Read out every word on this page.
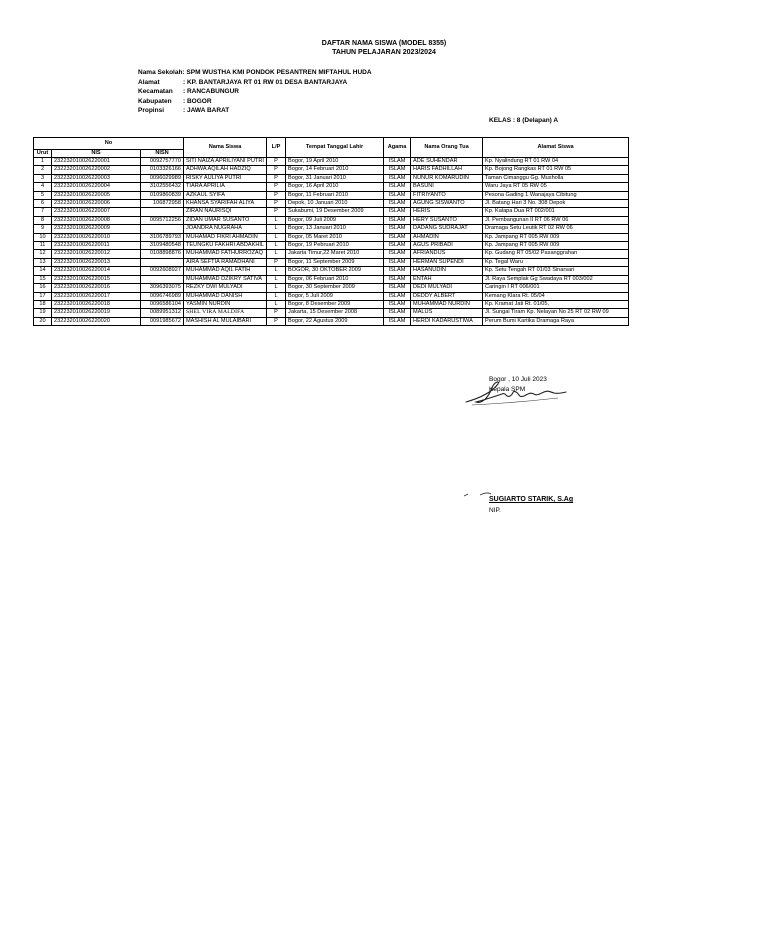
DAFTAR NAMA SISWA (MODEL 8355)
TAHUN PELAJARAN 2023/2024
Nama Sekolah: SPM WUSTHA KMI PONDOK PESANTREN MIFTAHUL HUDA
Alamat	: KP. BANTARJAYA RT 01 RW 01 DESA BANTARJAYA
Kecamatan : RANCABUNGUR
Kabupaten : BOGOR
Propinsi	: JAWA BARAT
KELAS : 8 (Delapan) A
No			Nama Siswa	L/P	Tempat Tanggal Lahir	Agama	Nama Orang Tua	Alamat Siswa
Urut	NIS	NISN						
1	232232010026220001	0092757770	SITI NAIZA APRILIYANI PUTRI	P	Bogor, 19 April 2010	ISLAM	ADE SUHENDAR	Kp. Nyalindung RT 01 RW 04
2	232232010026220002	0103326166	ADHWA AQILAH HADZIQ	P	Bogor, 14 Februari 2010	ISLAM	HARIS FADHILLAH	Kp. Bojong Rangkas RT 01 RW 05
3	232232010026220003	0096029989	RISKY AULIYA PUTRI	P	Bogor, 31 Januari 2010	ISLAM	NUNUR KOMARUDIN	Taman Cimanggu Gg. Musholla
4	232232010026220004	3102556432	TIARA APRILIA	P	Bogor, 16 April 2010	ISLAM	BASUNI	Waru Jaya RT 05 RW 05
5	232232010026220005	0109860839	AZKAUL SYIFA	P	Bogor, 11 Februari 2010	ISLAM	FITRIYANTO	Pesona Gading 1 Wanajaya Cibitung
6	232232010026220006	106872958	KHANSA SYARIFAH ALIYA	P	Depok, 10 Januari 2010	ISLAM	AGUNG SISWANTO	Jl. Batang Hari 3 No. 308 Depok
7	232232010026220007		ZIRAN NAURISQI	P	Sukabumi, 19 Desember 2009	ISLAM	HERIS	Kp. Kalapa Dua RT 002/001
8	232232010026220008	0095712256	ZIDAN UMAR SUSANTO	L	Bogor, 09 Juli 2009	ISLAM	HERY SUSANTO	Jl. Pembangunan II RT 06 RW 06
9	232232010026220009		JOANDRA NUGRAHA	L	Bogor, 13 Januari 2010	ISLAM	DADANG SUDRAJAT	Dramaga Setu Leutik RT 02 RW 06
10	232232010026220010	3106789793	MUHAMAD FIKRI AHMADIN	L	Bogor, 05 Maret 2010	ISLAM	AHMADIN	Kp. Jampang RT 005 RW 009
11	232232010026220011	3109480548	TEUNGKU FAKHRI ABDAKHIL	L	Bogor, 19 Pebruari 2010	ISLAM	AGUS PRIBADI	Kp. Jampang RT 005 RW 009
12	232232010026220012	0108898876	MUHAMMAD FATHURROZAQ	L	Jakarta Timur,22 Maret 2010	ISLAM	AFRIANDUS	Kp. Gudang RT 05/02 Pasanggrahan
13	232232010026220013		AIRA SEFTIA RAMADHANI	P	Bogor, 11 September 2009	ISLAM	HERMAN SUPENDI	Kp. Tegal Waru
14	232232010026220014	0092608927	MUHAMMAD AQIL FATIH	L	BOGOR, 30 OKTOBER 2009	ISLAM	HASANUDIN	Kp. Setu Tengah RT 01/03 Sinarsari
15	232232010026220015		MUHAMMAD DZIKRY SATIVA	L	Bogor, 06 Februari 2010	ISLAM	ENTAH	Jl. Raya Semplak Gg Swadaya RT 003/002
16	232232010026220016	3096393075	REZKY DWI MULYADI	L	Bogor, 30 September 2009	ISLAM	DEDI MULYADI	Caringin I RT 006/001
17	232232010026220017	0096746989	MUHAMMAD DANISH	L	Bogor, 5 Juli 2009	ISLAM	DEDDY ALBERT	Kemang Klara Rt. 05/04
18	232232010026220018	0096586104	YASMIN NURDIN	L	Bogor, 8 Desember 2009	ISLAM	MUHAMMAD NURDIN	Kp. Kramat Jati Rt. 01/05,
19	232232010026220019	0089951312	SHEL VIRA MALDIFA	P	Jakarta, 15 Desember 2008	ISLAM	MALUS	Jl. Sungai Tiram Kp. Nelayan No 25 RT 02 RW 09
20	232232010026220020	0091985672	MASHISH AL MULAIBARI	P	Bogor, 22 Agustus 2009	ISLAM	HERDI KADARUSTIWA	Perum Bumi Kartika Dramaga Raya
Bogor , 10 Juli 2023
Kepala SPM
SUGIARTO STARIK, S.Ag
NIP.
